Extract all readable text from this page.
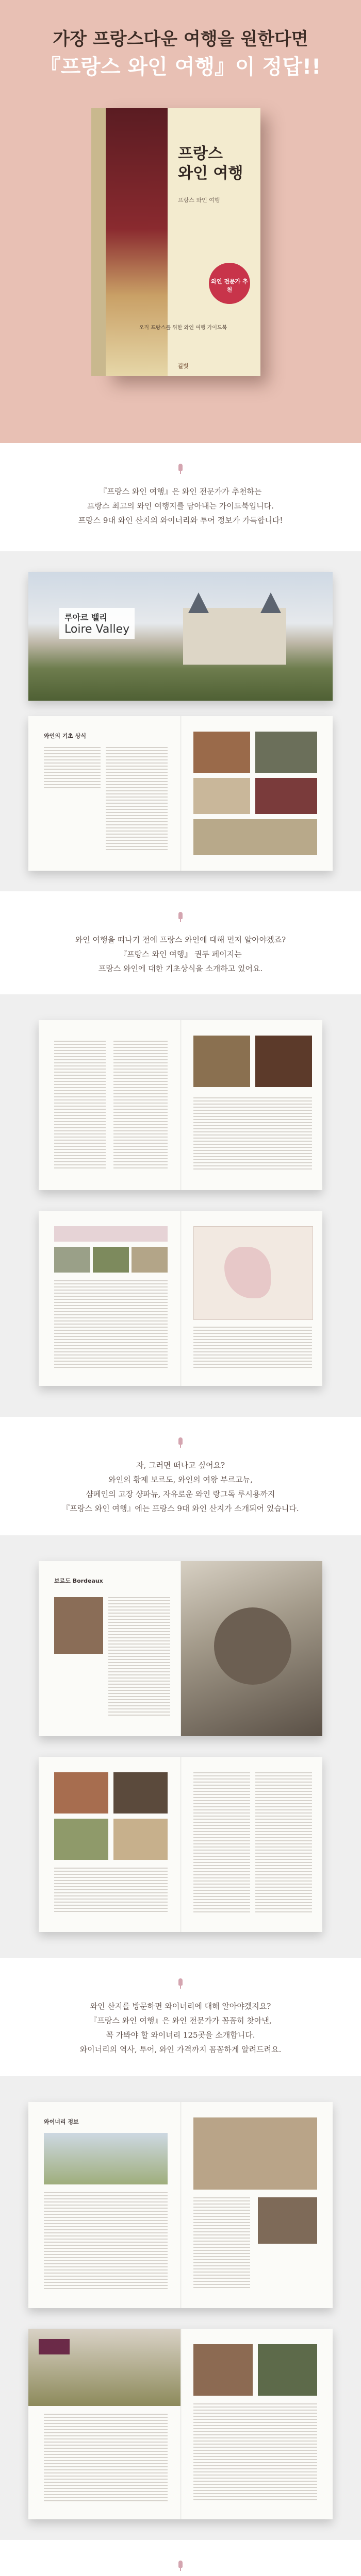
가장 프랑스다운 여행을 원한다면
『프랑스 와인 여행』이 정답!!
프랑스
와인 여행
프랑스 와인 여행
와인 전문가 추천
오직 프랑스를 위한 와인 여행 가이드북
길벗
『프랑스 와인 여행』은 와인 전문가가 추천하는
프랑스 최고의 와인 여행지를 담아내는 가이드북입니다.
프랑스 9대 와인 산지의 와이너리와 투어 정보가 가득합니다!
루아르 밸리
Loire Valley
와인의 기초 상식
와인 여행을 떠나기 전에 프랑스 와인에 대해 먼저 알아야겠죠?
『프랑스 와인 여행』 권두 페이지는
프랑스 와인에 대한 기초상식을 소개하고 있어요.
자, 그러면 떠나고 싶어요?
와인의 황제 보르도, 와인의 여왕 부르고뉴,
샴페인의 고장 샹파뉴, 자유로운 와인 랑그독 루시용까지
『프랑스 와인 여행』에는 프랑스 9대 와인 산지가 소개되어 있습니다.
보르도 Bordeaux
와인 산지를 방문하면 와이너리에 대해 알아야겠지요?
『프랑스 와인 여행』은 와인 전문가가 꼼꼼히 찾아낸,
꼭 가봐야 할 와이너리 125곳을 소개합니다.
와이너리의 역사, 투어, 와인 가격까지 꼼꼼하게 알려드려요.
와이너리 정보
